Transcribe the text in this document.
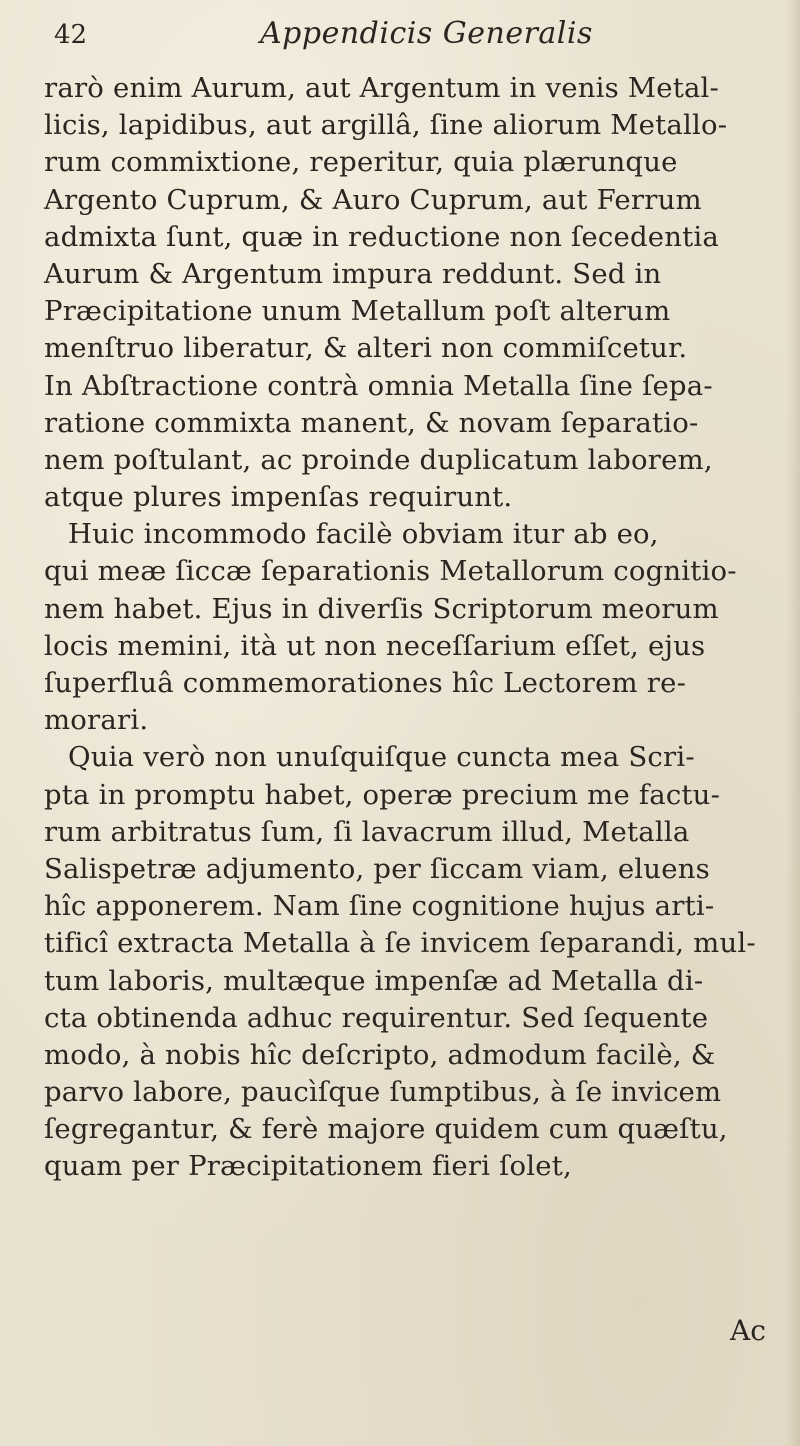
42	Appendicis Generalis
rarò enim Aurum, aut Argentum in venis Metal-
licis, lapidibus, aut argillâ, ſine aliorum Metallo-
rum commixtione, reperitur, quia plærunque
Argento Cuprum, & Auro Cuprum, aut Ferrum
admixta ſunt, quæ in reductione non ſecedentia
Aurum & Argentum impura reddunt. Sed in
Præcipitatione unum Metallum poſt alterum
menſtruo liberatur, & alteri non commiſcetur.
In Abſtractione contrà omnia Metalla ſine ſepa-
ratione commixta manent, & novam ſeparatio-
nem poſtulant, ac proinde duplicatum laborem,
atque plures impenſas requirunt.
Huic incommodo facilè obviam itur ab eo,
qui meæ ſiccæ ſeparationis Metallorum cognitio-
nem habet. Ejus in diverſis Scriptorum meorum
locis memini, ità ut non neceſſarium eſſet, ejus
ſuperfluâ commemorationes hîc Lectorem re-
morari.
Quia verò non unuſquiſque cuncta mea Scri-
pta in promptu habet, operæ precium me factu-
rum arbitratus ſum, ſi lavacrum illud, Metalla
Salispetræ adjumento, per ſiccam viam, eluens
hîc apponerem. Nam ſine cognitione hujus arti-
tificî extracta Metalla à ſe invicem ſeparandi, mul-
tum laboris, multæque impenſæ ad Metalla di-
cta obtinenda adhuc requirentur. Sed ſequente
modo, à nobis hîc deſcripto, admodum facilè, &
parvo labore, paucìſque ſumptibus, à ſe invicem
ſegregantur, & ferè majore quidem cum quæſtu,
quam per Præcipitationem fieri ſolet,
Ac
